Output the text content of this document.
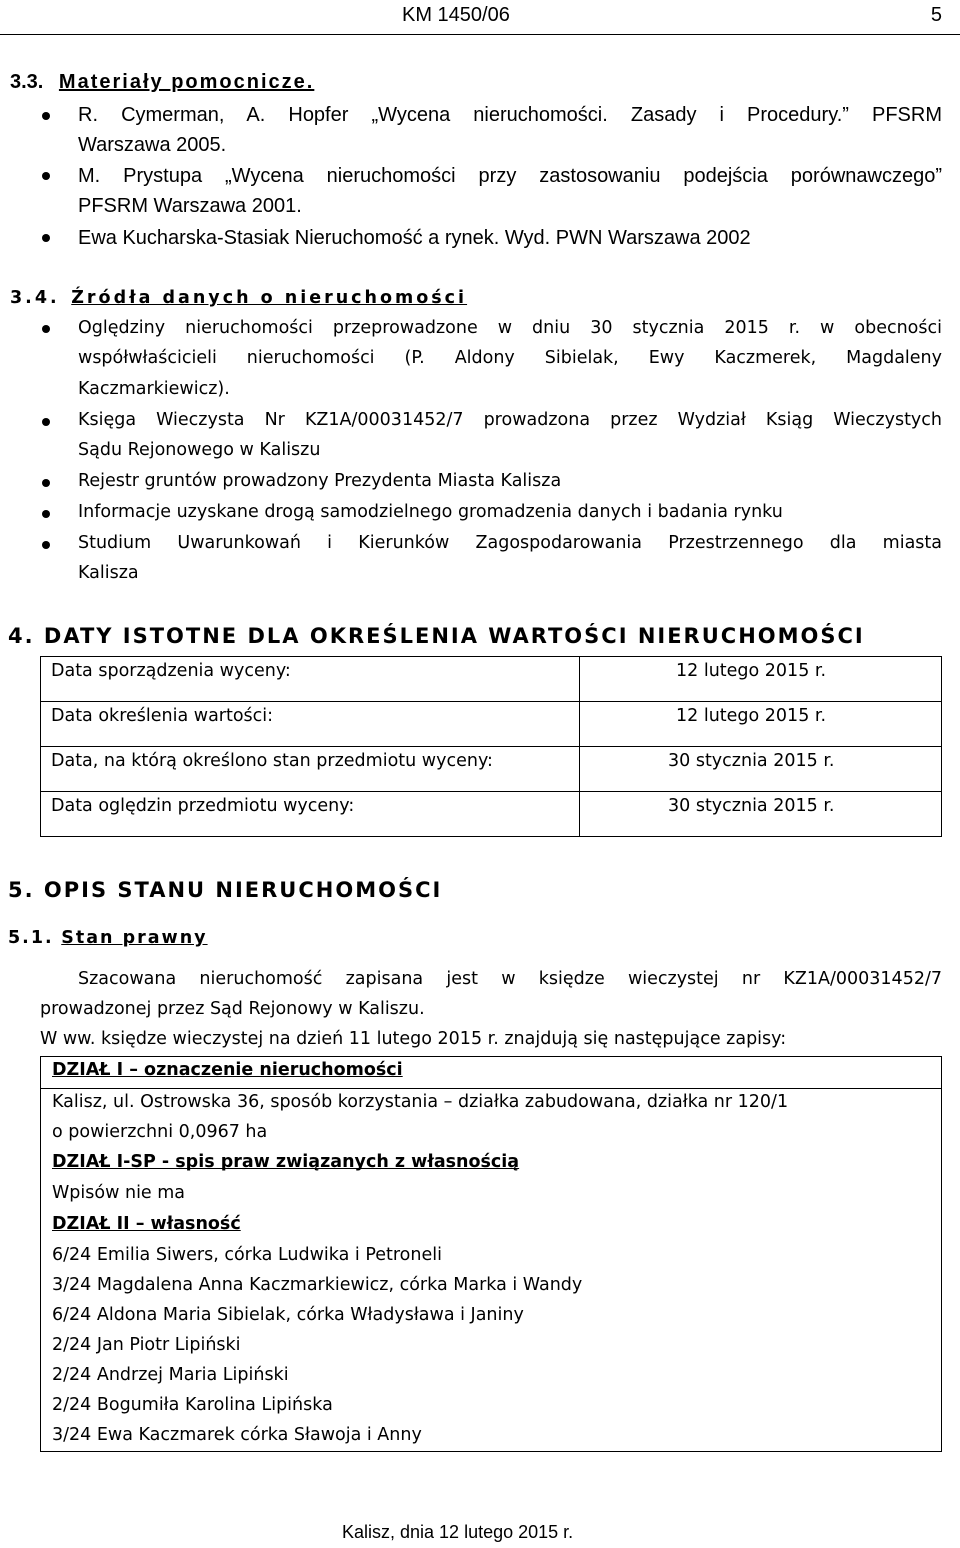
KM 1450/06	5
3.3. Materiały pomocnicze.
R. Cymerman, A. Hopfer „Wycena nieruchomości. Zasady i Procedury.” PFSRM
Warszawa 2005.
M. Prystupa „Wycena nieruchomości przy zastosowaniu podejścia porównawczego”
PFSRM Warszawa 2001.
Ewa Kucharska-Stasiak Nieruchomość a rynek. Wyd. PWN Warszawa 2002
3.4. Źródła danych o nieruchomości
Oględziny nieruchomości przeprowadzone w dniu 30 stycznia 2015 r. w obecności
współwłaścicieli nieruchomości (P. Aldony Sibielak, Ewy Kaczmerek, Magdaleny
Kaczmarkiewicz).
Księga Wieczysta Nr KZ1A/00031452/7 prowadzona przez Wydział Ksiąg Wieczystych
Sądu Rejonowego w Kaliszu
Rejestr gruntów prowadzony Prezydenta Miasta Kalisza
Informacje uzyskane drogą samodzielnego gromadzenia danych i badania rynku
Studium Uwarunkowań i Kierunków Zagospodarowania Przestrzennego dla miasta
Kalisza
4. DATY ISTOTNE DLA OKREŚLENIA WARTOŚCI NIERUCHOMOŚCI
Data sporządzenia wyceny:	12 lutego 2015 r.
Data określenia wartości:	12 lutego 2015 r.
Data, na którą określono stan przedmiotu wyceny:	30 stycznia 2015 r.
Data oględzin przedmiotu wyceny:	30 stycznia 2015 r.
5. OPIS STANU NIERUCHOMOŚCI
5.1. Stan prawny
Szacowana nieruchomość zapisana jest w księdze wieczystej nr KZ1A/00031452/7
prowadzonej przez Sąd Rejonowy w Kaliszu.
W ww. księdze wieczystej na dzień 11 lutego 2015 r. znajdują się następujące zapisy:
DZIAŁ I – oznaczenie nieruchomości
Kalisz, ul. Ostrowska 36, sposób korzystania – działka zabudowana, działka nr 120/1
o powierzchni 0,0967 ha
DZIAŁ I-SP - spis praw związanych z własnością
Wpisów nie ma
DZIAŁ II – własność
6/24 Emilia Siwers, córka Ludwika i Petroneli
3/24 Magdalena Anna Kaczmarkiewicz, córka Marka i Wandy
6/24 Aldona Maria Sibielak, córka Władysława i Janiny
2/24 Jan Piotr Lipiński
2/24 Andrzej Maria Lipiński
2/24 Bogumiła Karolina Lipińska
3/24 Ewa Kaczmarek córka Sławoja i Anny
Kalisz, dnia 12 lutego 2015 r.
